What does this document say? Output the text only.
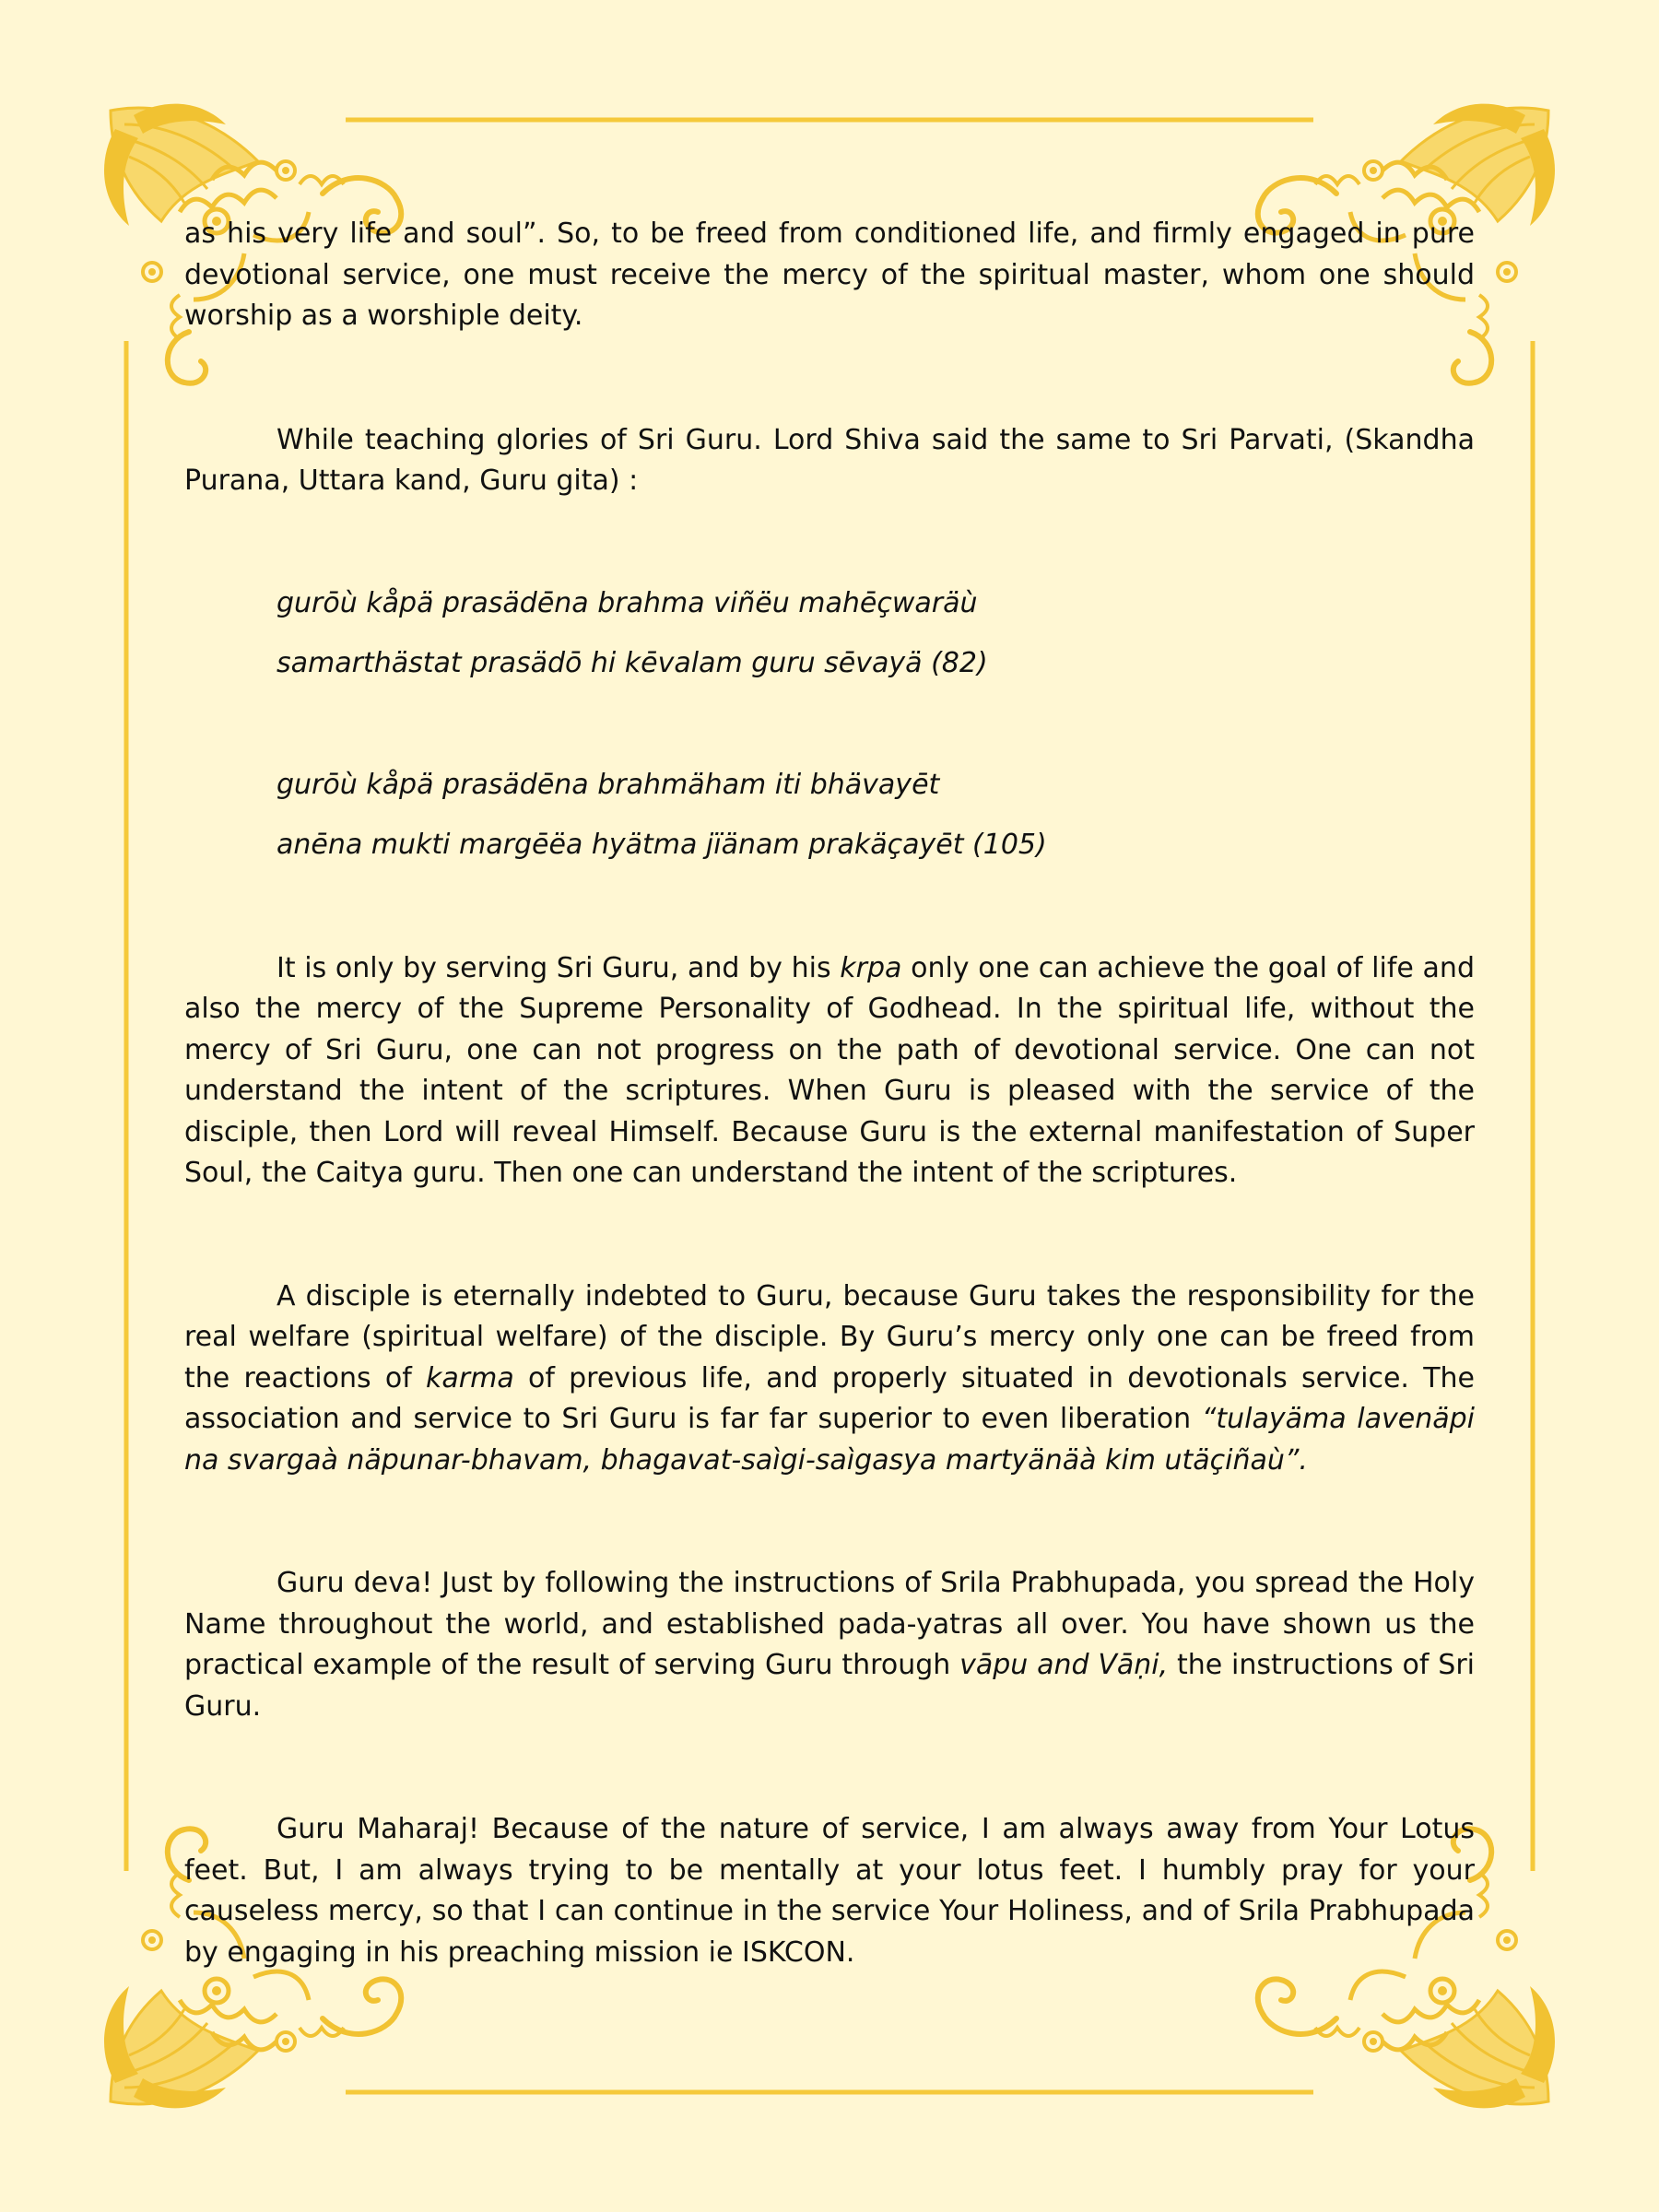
as his very life and soul”. So, to be freed from conditioned life, and firmly engaged in pure devotional service, one must receive the mercy of the spiritual master, whom one should worship as a worshiple deity.

While teaching glories of Sri Guru. Lord Shiva said the same to Sri Parvati, (Skandha Purana, Uttara kand, Guru gita) :

gurōù kåpä prasädēna brahma viñëu mahēçwaräù

samarthästat prasädō hi kēvalam guru sēvayä (82)

gurōù kåpä prasädēna brahmäham iti bhävayēt

anēna mukti margēëa hyätma jïänam prakäçayēt (105)

It is only by serving Sri Guru, and by his krpa only one can achieve the goal of life and also the mercy of the Supreme Personality of Godhead. In the spiritual life, without the mercy of Sri Guru, one can not progress on the path of devotional service. One can not understand the intent of the scriptures. When Guru is pleased with the service of the disciple, then Lord will reveal Himself. Because Guru is the external manifestation of Super Soul, the Caitya guru. Then one can understand the intent of the scriptures.

A disciple is eternally indebted to Guru, because Guru takes the responsibility for the real welfare (spiritual welfare) of the disciple. By Guru’s mercy only one can be freed from the reactions of karma of previous life, and properly situated in devotionals service. The association and service to Sri Guru is far far superior to even liberation “tulayäma lavenäpi na svargaà näpunar-bhavam, bhagavat-saìgi-saìgasya martyänäà kim utäçiñaù”.

Guru deva! Just by following the instructions of Srila Prabhupada, you spread the Holy Name throughout the world, and established pada-yatras all over. You have shown us the practical example of the result of serving Guru through vāpu and Vāṇi, the instructions of Sri Guru.

Guru Maharaj! Because of the nature of service, I am always away from Your Lotus feet. But, I am always trying to be mentally at your lotus feet. I humbly pray for your causeless mercy, so that I can continue in the service Your Holiness, and of Srila Prabhupada by engaging in his preaching mission ie ISKCON.
